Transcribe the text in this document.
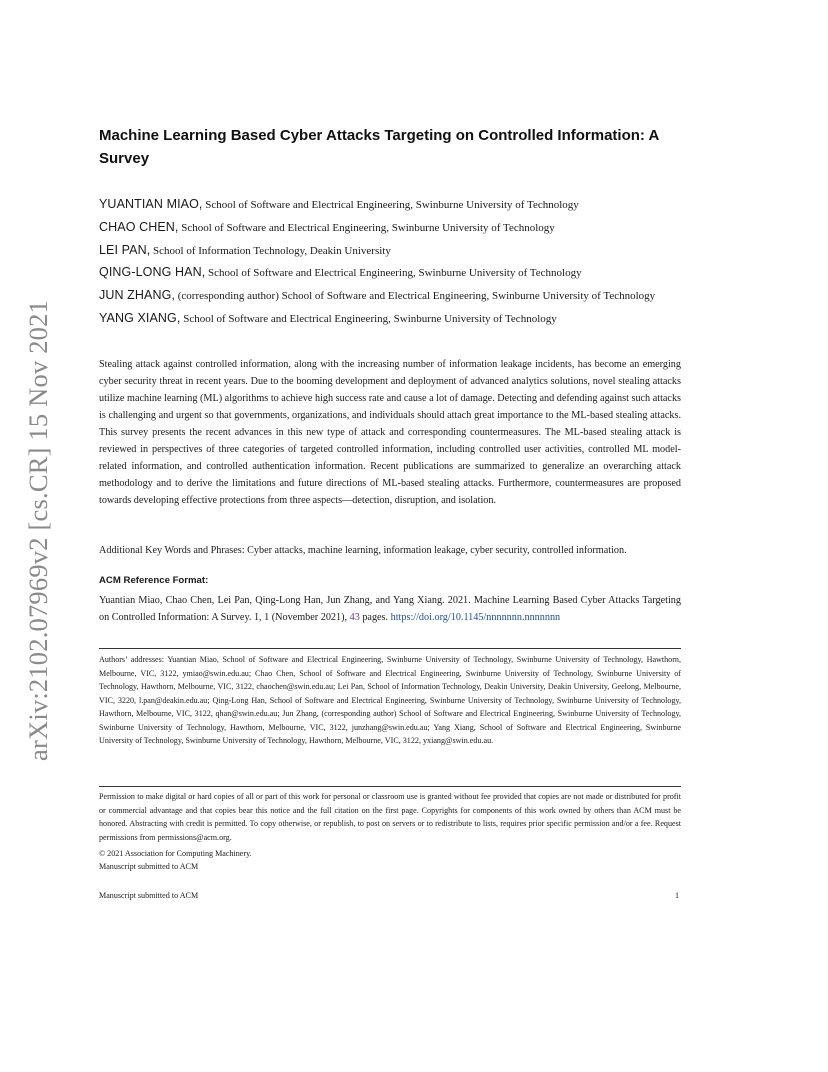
arXiv:2102.07969v2 [cs.CR] 15 Nov 2021
Machine Learning Based Cyber Attacks Targeting on Controlled Information: A Survey
YUANTIAN MIAO, School of Software and Electrical Engineering, Swinburne University of Technology
CHAO CHEN, School of Software and Electrical Engineering, Swinburne University of Technology
LEI PAN, School of Information Technology, Deakin University
QING-LONG HAN, School of Software and Electrical Engineering, Swinburne University of Technology
JUN ZHANG, (corresponding author) School of Software and Electrical Engineering, Swinburne University of Technology
YANG XIANG, School of Software and Electrical Engineering, Swinburne University of Technology
Stealing attack against controlled information, along with the increasing number of information leakage incidents, has become an emerging cyber security threat in recent years. Due to the booming development and deployment of advanced analytics solutions, novel stealing attacks utilize machine learning (ML) algorithms to achieve high success rate and cause a lot of damage. Detecting and defending against such attacks is challenging and urgent so that governments, organizations, and individuals should attach great importance to the ML-based stealing attacks. This survey presents the recent advances in this new type of attack and corresponding countermeasures. The ML-based stealing attack is reviewed in perspectives of three categories of targeted controlled information, including controlled user activities, controlled ML model-related information, and controlled authentication information. Recent publications are summarized to generalize an overarching attack methodology and to derive the limitations and future directions of ML-based stealing attacks. Furthermore, countermeasures are proposed towards developing effective protections from three aspects—detection, disruption, and isolation.
Additional Key Words and Phrases: Cyber attacks, machine learning, information leakage, cyber security, controlled information.
ACM Reference Format:
Yuantian Miao, Chao Chen, Lei Pan, Qing-Long Han, Jun Zhang, and Yang Xiang. 2021. Machine Learning Based Cyber Attacks Targeting on Controlled Information: A Survey. 1, 1 (November 2021), 43 pages. https://doi.org/10.1145/nnnnnnn.nnnnnnn
Authors’ addresses: Yuantian Miao, School of Software and Electrical Engineering, Swinburne University of Technology, Swinburne University of Technology, Hawthorn, Melbourne, VIC, 3122, ymiao@swin.edu.au; Chao Chen, School of Software and Electrical Engineering, Swinburne University of Technology, Swinburne University of Technology, Hawthorn, Melbourne, VIC, 3122, chaochen@swin.edu.au; Lei Pan, School of Information Technology, Deakin University, Deakin University, Geelong, Melbourne, VIC, 3220, l.pan@deakin.edu.au; Qing-Long Han, School of Software and Electrical Engineering, Swinburne University of Technology, Swinburne University of Technology, Hawthorn, Melbourne, VIC, 3122, qhan@swin.edu.au; Jun Zhang, (corresponding author) School of Software and Electrical Engineering, Swinburne University of Technology, Swinburne University of Technology, Hawthorn, Melbourne, VIC, 3122, junzhang@swin.edu.au; Yang Xiang, School of Software and Electrical Engineering, Swinburne University of Technology, Swinburne University of Technology, Hawthorn, Melbourne, VIC, 3122, yxiang@swin.edu.au.
Permission to make digital or hard copies of all or part of this work for personal or classroom use is granted without fee provided that copies are not made or distributed for profit or commercial advantage and that copies bear this notice and the full citation on the first page. Copyrights for components of this work owned by others than ACM must be honored. Abstracting with credit is permitted. To copy otherwise, or republish, to post on servers or to redistribute to lists, requires prior specific permission and/or a fee. Request permissions from permissions@acm.org.
© 2021 Association for Computing Machinery.
Manuscript submitted to ACM
Manuscript submitted to ACM	1
